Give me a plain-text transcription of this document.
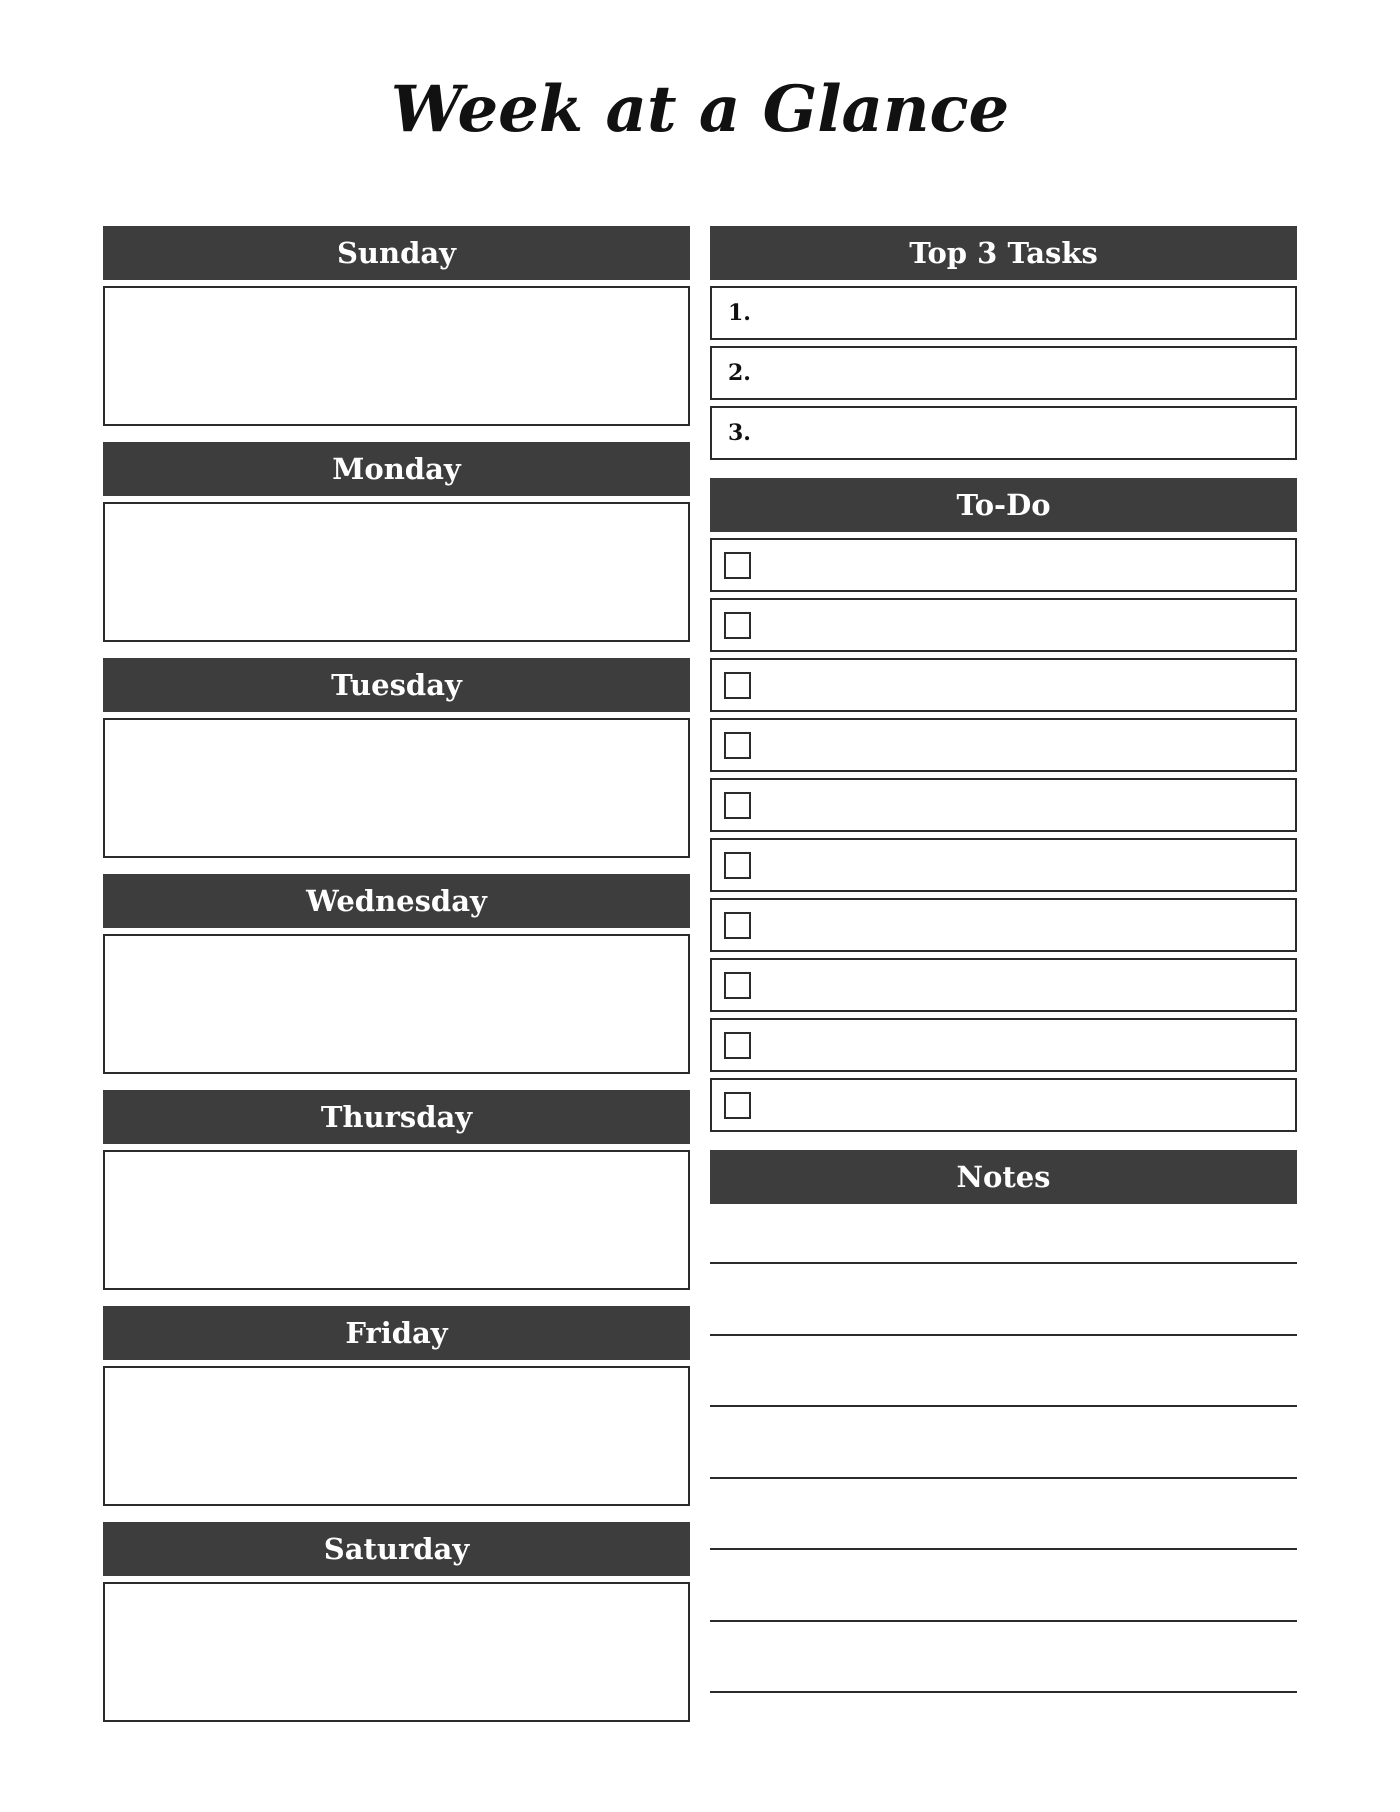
Week at a Glance
Sunday
Monday
Tuesday
Wednesday
Thursday
Friday
Saturday
Top 3 Tasks
1.
2.
3.
To-Do
Notes
